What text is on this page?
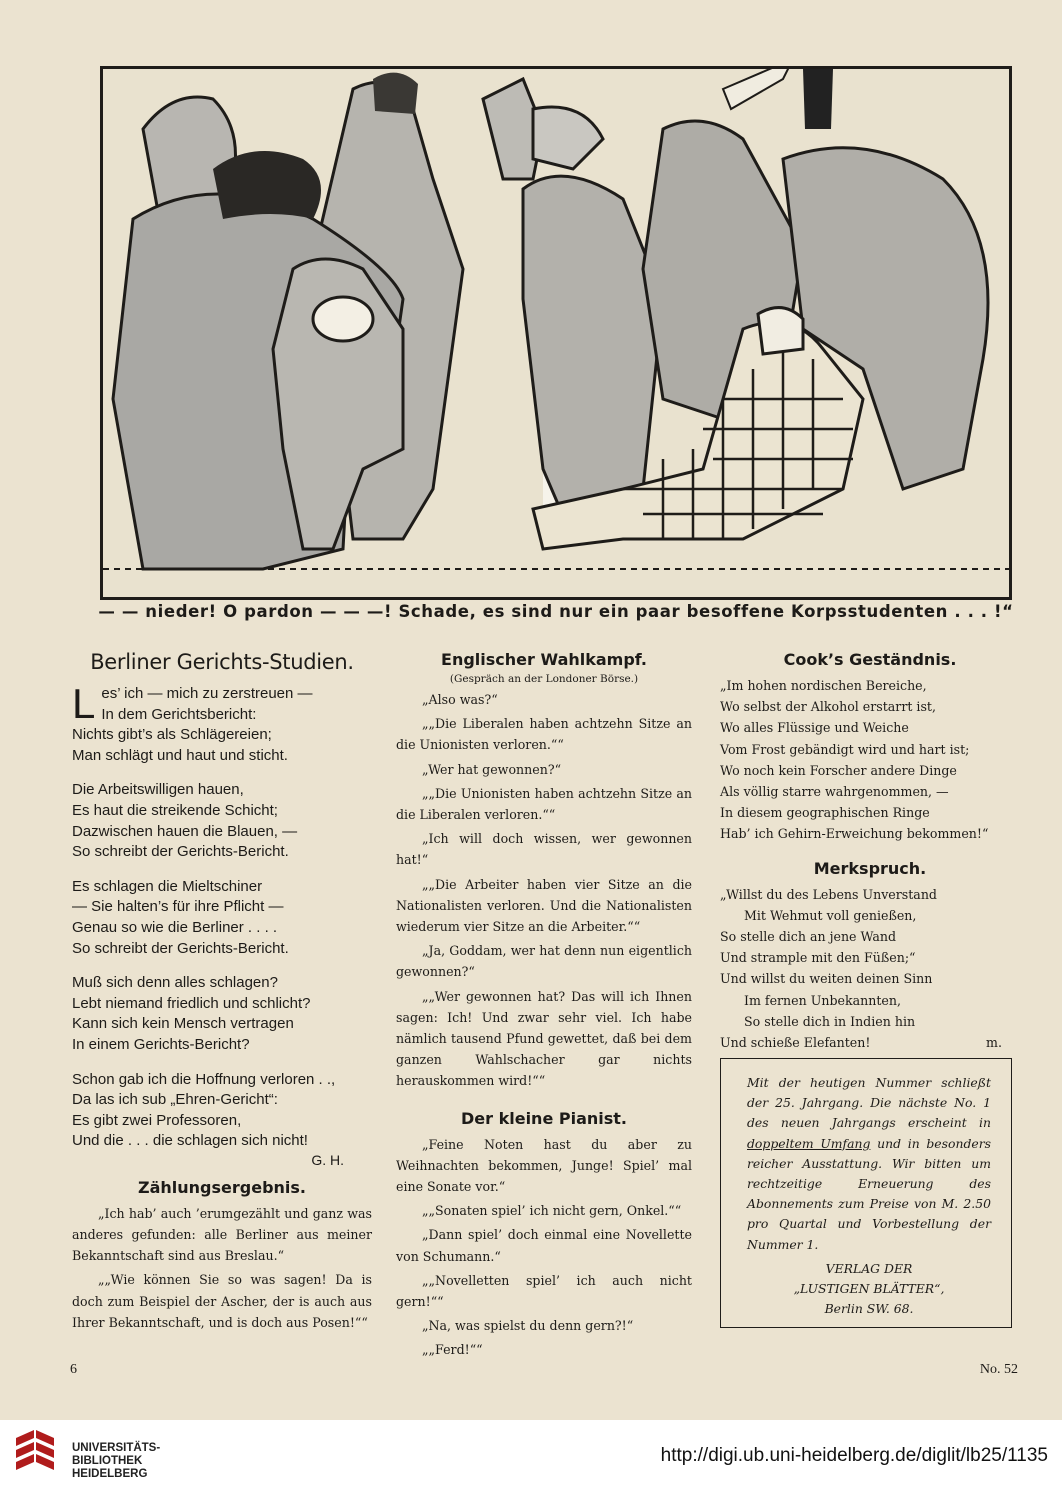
— — nieder! O pardon — — —! Schade, es sind nur ein paar besoffene Korpsstudenten . . . !“
Berliner Gerichts-Studien.
L es’ ich — mich zu zerstreuen —
In dem Gerichtsbericht:
Nichts gibt’s als Schlägereien;
Man schlägt und haut und sticht.
Die Arbeitswilligen hauen,
Es haut die streikende Schicht;
Dazwischen hauen die Blauen, —
So schreibt der Gerichts-Bericht.
Es schlagen die Mieltschiner
— Sie halten’s für ihre Pflicht —
Genau so wie die Berliner . . . .
So schreibt der Gerichts-Bericht.
Muß sich denn alles schlagen?
Lebt niemand friedlich und schlicht?
Kann sich kein Mensch vertragen
In einem Gerichts-Bericht?
Schon gab ich die Hoffnung verloren . .,
Da las ich sub „Ehren-Gericht“:
Es gibt zwei Professoren,
Und die . . . die schlagen sich nicht!
G. H.
Zählungsergebnis.

„Ich hab’ auch ’erumgezählt und ganz was anderes gefunden: alle Berliner aus meiner Bekanntschaft sind aus Breslau.“

„„Wie können Sie so was sagen! Da is doch zum Beispiel der Ascher, der is auch aus Ihrer Bekanntschaft, und is doch aus Posen!““

Englischer Wahlkampf.
(Gespräch an der Londoner Börse.)

„Also was?“

„„Die Liberalen haben achtzehn Sitze an die Unionisten verloren.““

„Wer hat gewonnen?“

„„Die Unionisten haben achtzehn Sitze an die Liberalen verloren.““

„Ich will doch wissen, wer gewonnen hat!“

„„Die Arbeiter haben vier Sitze an die Nationalisten verloren. Und die Nationalisten wiederum vier Sitze an die Arbeiter.““

„Ja, Goddam, wer hat denn nun eigentlich gewonnen?“

„„Wer gewonnen hat? Das will ich Ihnen sagen: Ich! Und zwar sehr viel. Ich habe nämlich tausend Pfund gewettet, daß bei dem ganzen Wahlschacher gar nichts herauskommen wird!““

Der kleine Pianist.

„Feine Noten hast du aber zu Weihnachten bekommen, Junge! Spiel’ mal eine Sonate vor.“

„„Sonaten spiel’ ich nicht gern, Onkel.““

„Dann spiel’ doch einmal eine Novellette von Schumann.“

„„Novelletten spiel’ ich auch nicht gern!““

„Na, was spielst du denn gern?!“

„„Ferd!““

Cook’s Geständnis.
„Im hohen nordischen Bereiche,
Wo selbst der Alkohol erstarrt ist,
Wo alles Flüssige und Weiche
Vom Frost gebändigt wird und hart ist;
Wo noch kein Forscher andere Dinge
Als völlig starre wahrgenommen, —
In diesem geographischen Ringe
Hab’ ich Gehirn-Erweichung bekommen!“
Merkspruch.
„Willst du des Lebens Unverstand
Mit Wehmut voll genießen,
So stelle dich an jene Wand
Und strample mit den Füßen;“
Und willst du weiten deinen Sinn
Im fernen Unbekannten,
So stelle dich in Indien hin
Und schieße Elefanten!	m.
Mit der heutigen Nummer schließt der 25. Jahrgang. Die nächste No. 1 des neuen Jahrgangs erscheint in doppeltem Umfang und in besonders reicher Ausstattung. Wir bitten um rechtzeitige Erneuerung des Abonnements zum Preise von M. 2.50 pro Quartal und Vorbestellung der Nummer 1.
VERLAG DER
„LUSTIGEN BLÄTTER“,
Berlin SW. 68.
6	No. 52
UNIVERSITÄTS-
BIBLIOTHEK
HEIDELBERG
http://digi.ub.uni-heidelberg.de/diglit/lb25/1135
